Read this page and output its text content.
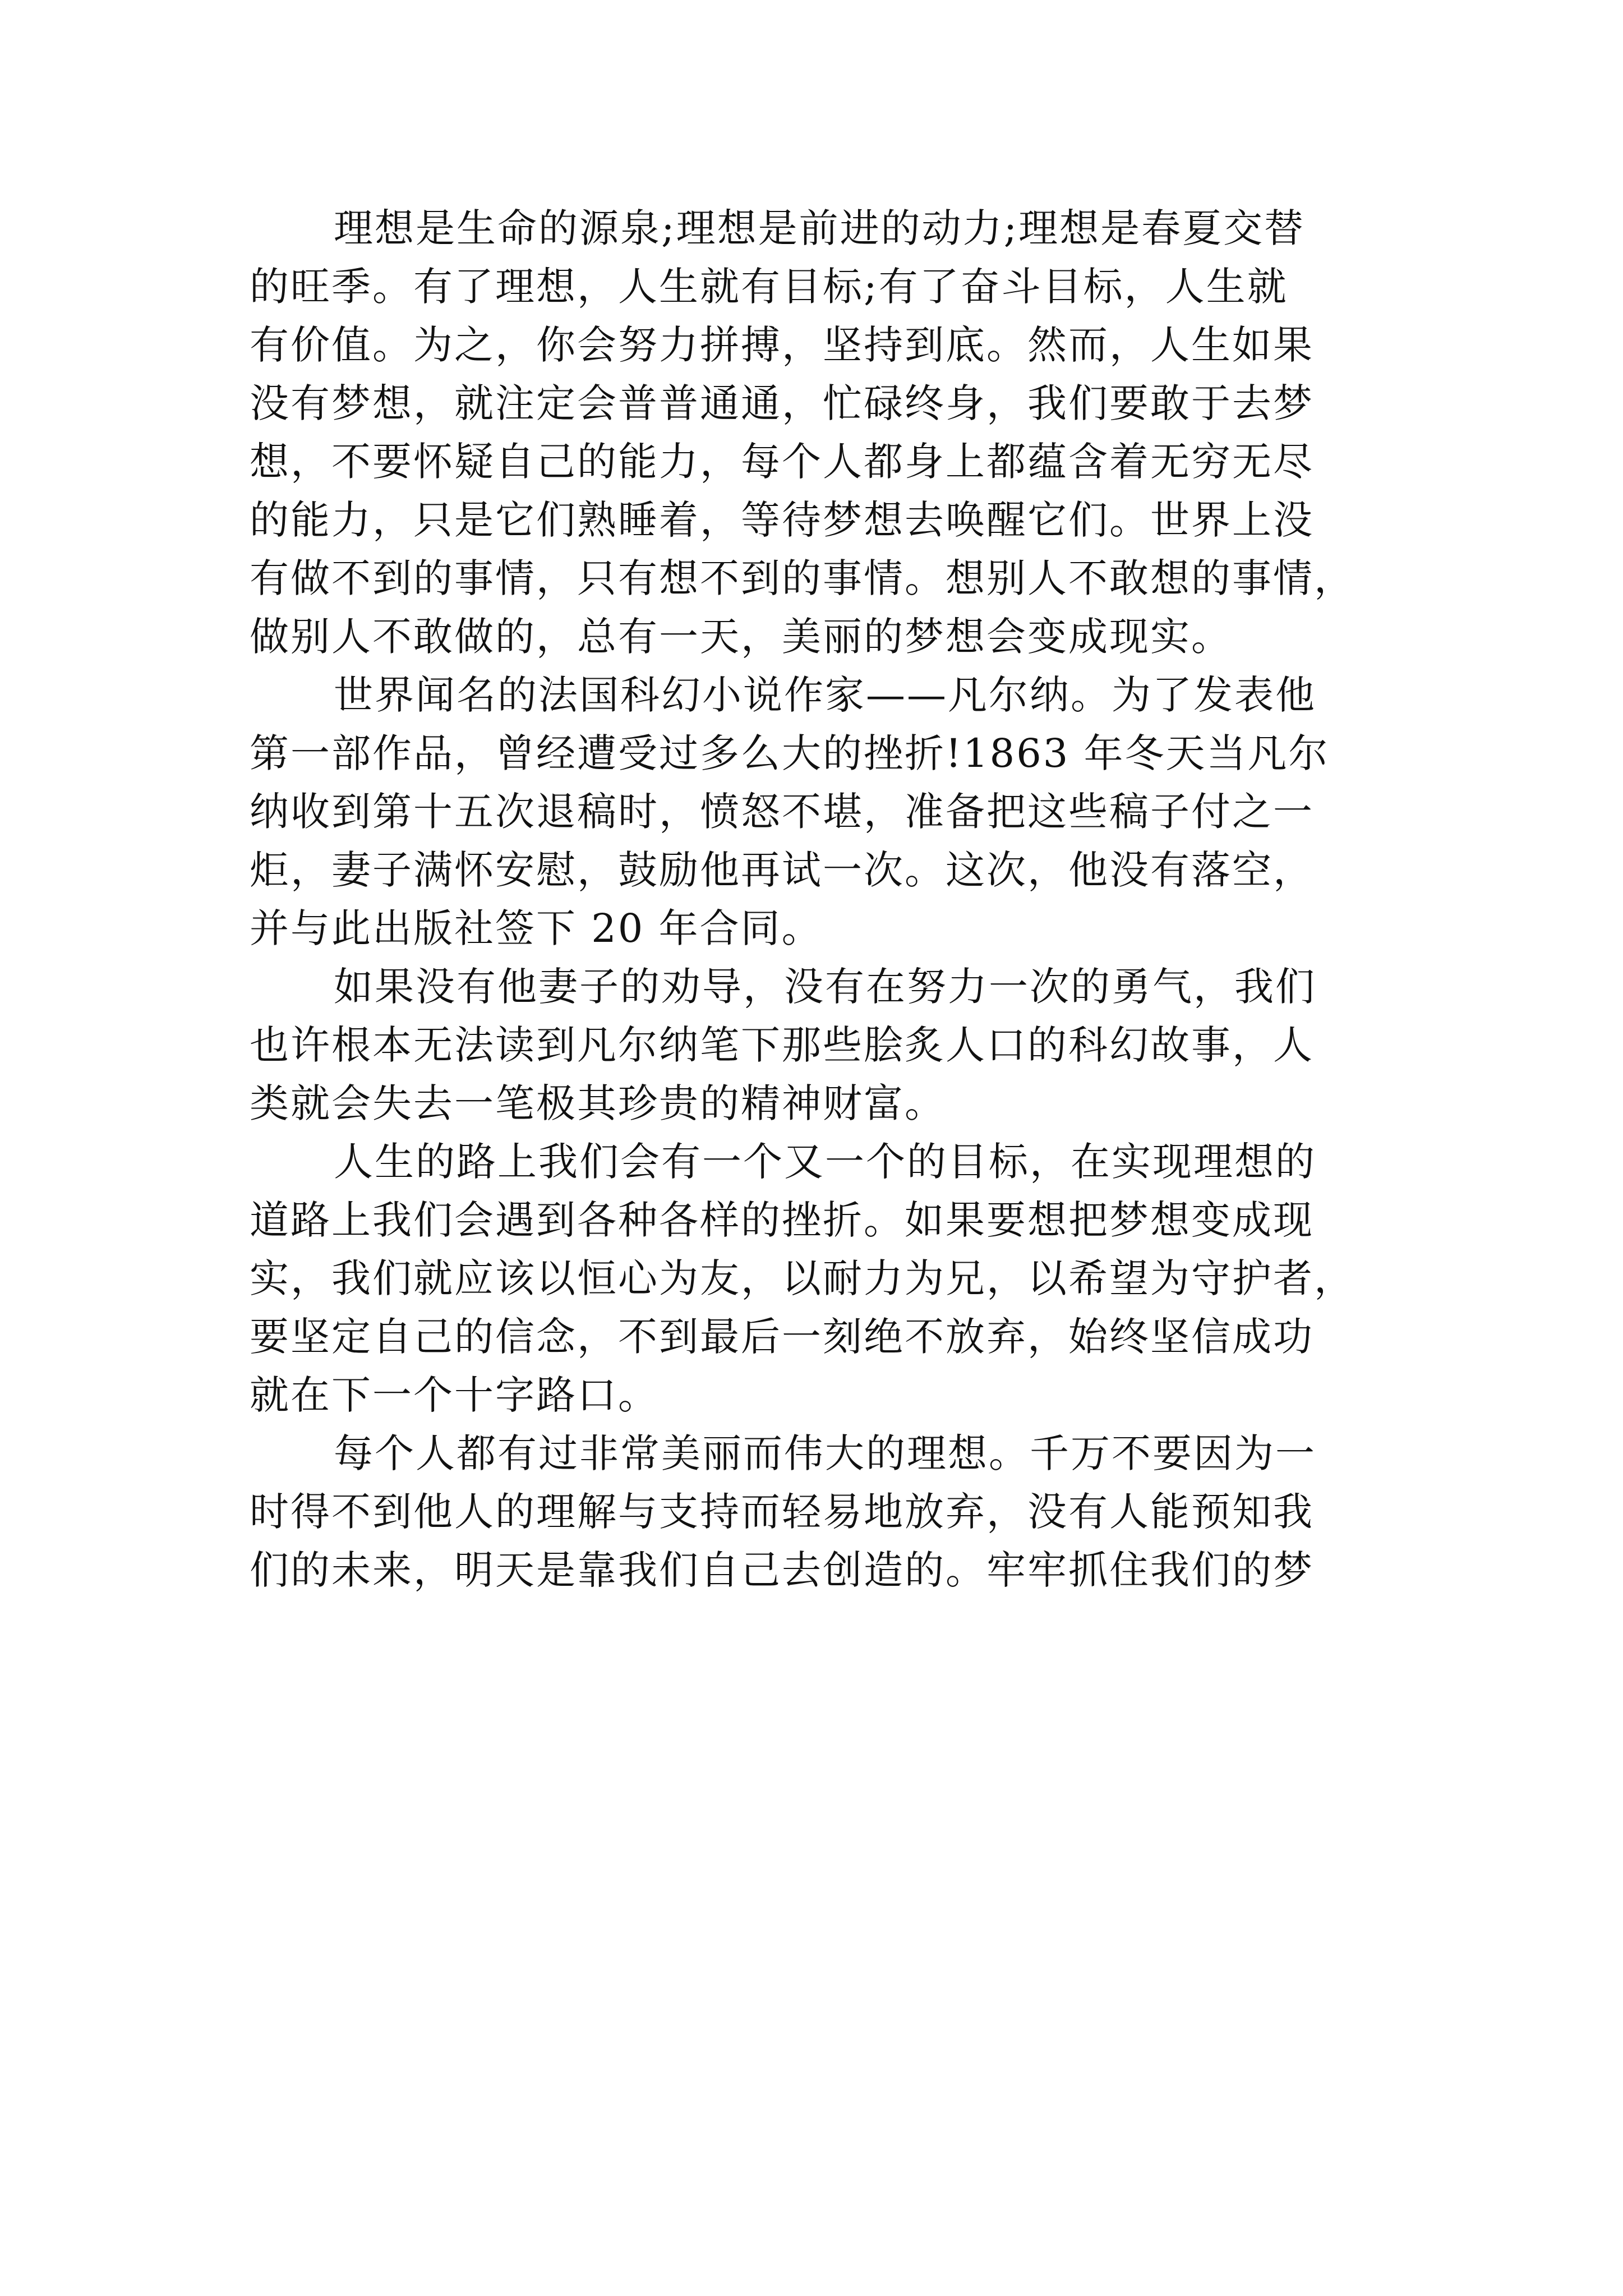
理想是生命的源泉;理想是前进的动力;理想是春夏交替
的旺季。有了理想，人生就有目标;有了奋斗目标，人生就
有价值。为之，你会努力拼搏，坚持到底。然而，人生如果
没有梦想，就注定会普普通通，忙碌终身，我们要敢于去梦
想，不要怀疑自己的能力，每个人都身上都蕴含着无穷无尽
的能力，只是它们熟睡着，等待梦想去唤醒它们。世界上没
有做不到的事情，只有想不到的事情。想别人不敢想的事情，
做别人不敢做的，总有一天，美丽的梦想会变成现实。
世界闻名的法国科幻小说作家——凡尔纳。为了发表他
第一部作品，曾经遭受过多么大的挫折!1863 年冬天当凡尔
纳收到第十五次退稿时，愤怒不堪，准备把这些稿子付之一
炬，妻子满怀安慰，鼓励他再试一次。这次，他没有落空，
并与此出版社签下 20 年合同。
如果没有他妻子的劝导，没有在努力一次的勇气，我们
也许根本无法读到凡尔纳笔下那些脍炙人口的科幻故事，人
类就会失去一笔极其珍贵的精神财富。
人生的路上我们会有一个又一个的目标，在实现理想的
道路上我们会遇到各种各样的挫折。如果要想把梦想变成现
实，我们就应该以恒心为友，以耐力为兄，以希望为守护者，
要坚定自己的信念，不到最后一刻绝不放弃，始终坚信成功
就在下一个十字路口。
每个人都有过非常美丽而伟大的理想。千万不要因为一
时得不到他人的理解与支持而轻易地放弃，没有人能预知我
们的未来，明天是靠我们自己去创造的。牢牢抓住我们的梦
